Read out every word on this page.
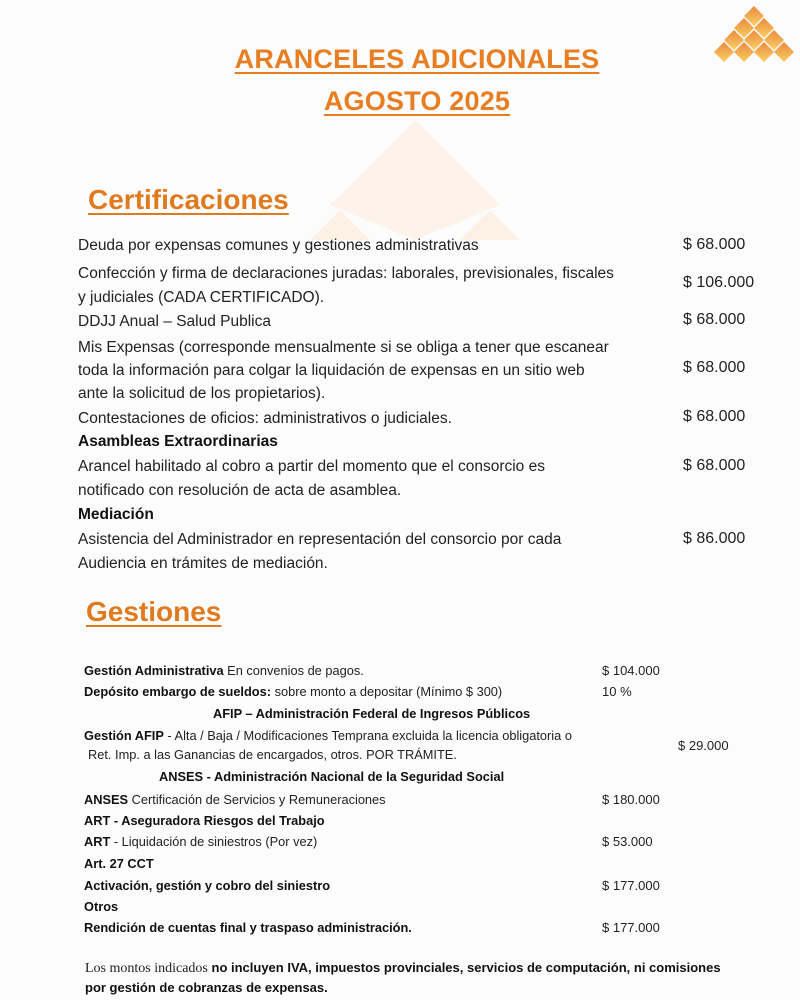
ARANCELES ADICIONALES
AGOSTO 2025
Certificaciones
Deuda por expensas comunes y gestiones administrativas	$ 68.000
Confección y firma de declaraciones juradas: laborales, previsionales, fiscales
y judiciales (CADA CERTIFICADO).
$ 106.000
DDJJ Anual – Salud Publica	$ 68.000
Mis Expensas (corresponde mensualmente si se obliga a tener que escanear
toda la información para colgar la liquidación de expensas en un sitio web
ante la solicitud de los propietarios).
$ 68.000
Contestaciones de oficios: administrativos o judiciales.	$ 68.000
Asambleas Extraordinarias
Arancel habilitado al cobro a partir del momento que el consorcio es
notificado con resolución de acta de asamblea.
$ 68.000
Mediación
Asistencia del Administrador en representación del consorcio por cada
Audiencia en trámites de mediación.
$ 86.000
Gestiones
Gestión Administrativa En convenios de pagos.	$ 104.000
Depósito embargo de sueldos: sobre monto a depositar (Mínimo $ 300)	10 %
AFIP – Administración Federal de Ingresos Públicos
Gestión AFIP - Alta / Baja / Modificaciones Temprana excluida la licencia obligatoria o
Ret. Imp. a las Ganancias de encargados, otros. POR TRÁMITE.
$ 29.000
ANSES - Administración Nacional de la Seguridad Social
ANSES Certificación de Servicios y Remuneraciones	$ 180.000
ART - Aseguradora Riesgos del Trabajo
ART - Liquidación de siniestros (Por vez)	$ 53.000
Art. 27 CCT
Activación, gestión y cobro del siniestro	$ 177.000
Otros
Rendición de cuentas final y traspaso administración.	$ 177.000
Los montos indicados no incluyen IVA, impuestos provinciales, servicios de computación, ni comisiones
por gestión de cobranzas de expensas.
